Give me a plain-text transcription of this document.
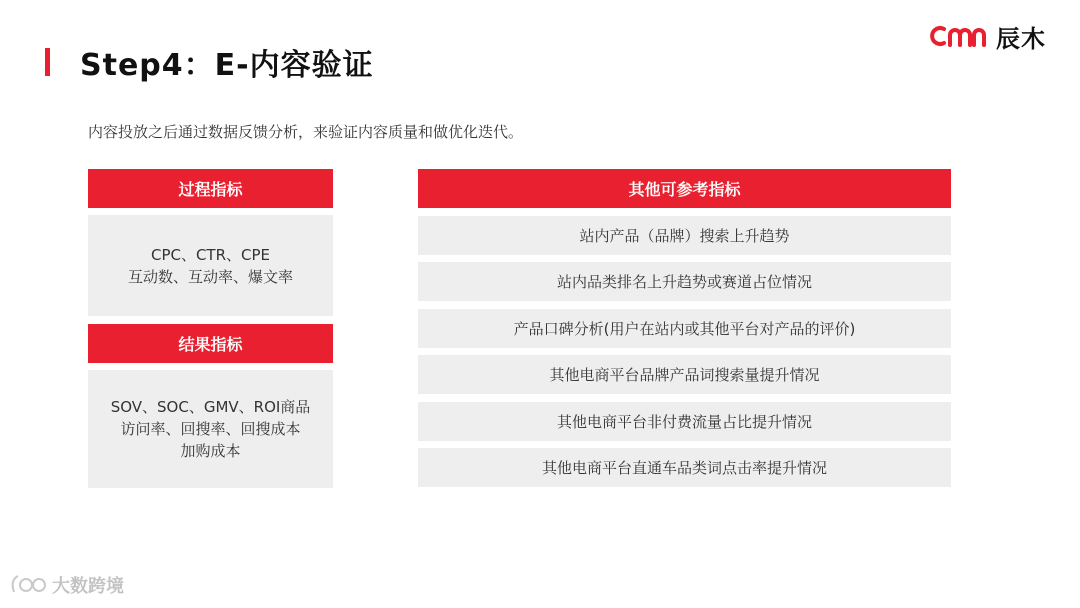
Step4：E-内容验证
辰木
内容投放之后通过数据反馈分析，来验证内容质量和做优化迭代。
过程指标
CPC、CTR、CPE
互动数、互动率、爆文率
结果指标
SOV、SOC、GMV、ROI商品
访问率、回搜率、回搜成本
加购成本
其他可参考指标
站内产品（品牌）搜索上升趋势
站内品类排名上升趋势或赛道占位情况
产品口碑分析(用户在站内或其他平台对产品的评价)
其他电商平台品牌产品词搜索量提升情况
其他电商平台非付费流量占比提升情况
其他电商平台直通车品类词点击率提升情况
大数跨境
